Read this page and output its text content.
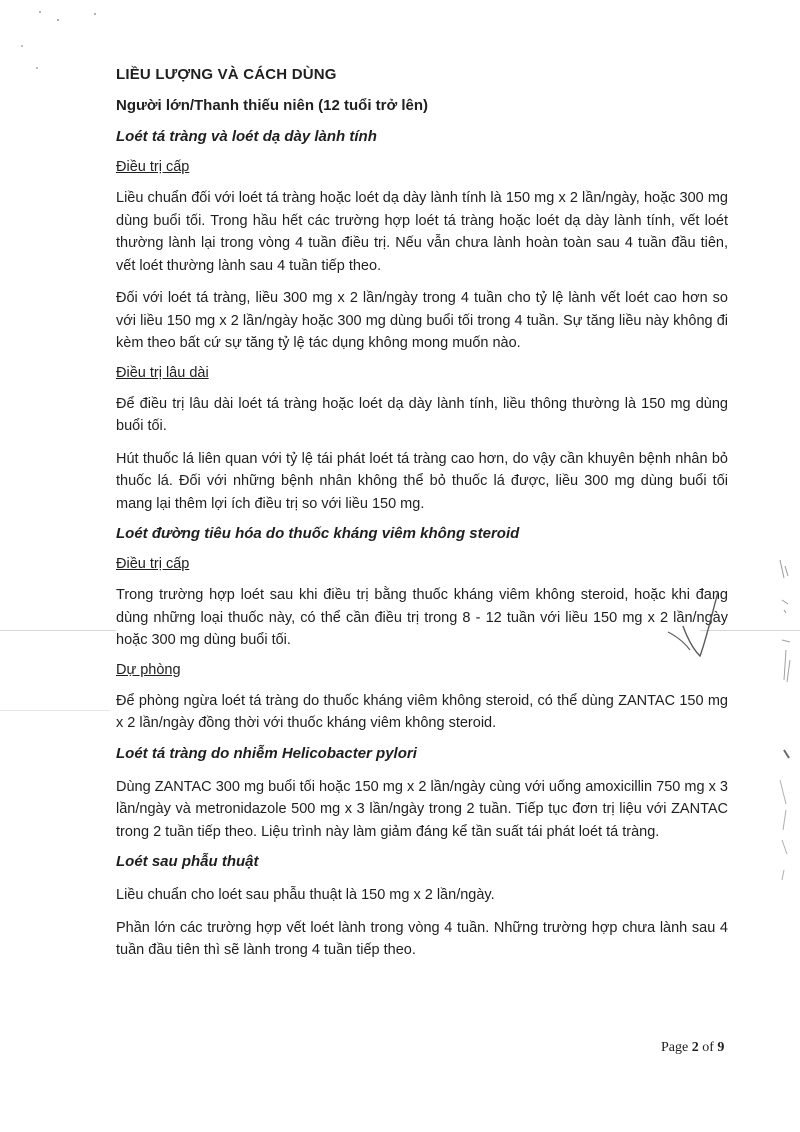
LIỀU LƯỢNG VÀ CÁCH DÙNG
Người lớn/Thanh thiếu niên (12 tuổi trở lên)
Loét tá tràng và loét dạ dày lành tính
Điều trị cấp

Liều chuẩn đối với loét tá tràng hoặc loét dạ dày lành tính là 150 mg x 2 lần/ngày, hoặc 300 mg dùng buổi tối. Trong hầu hết các trường hợp loét tá tràng hoặc loét dạ dày lành tính, vết loét thường lành lại trong vòng 4 tuần điều trị. Nếu vẫn chưa lành hoàn toàn sau 4 tuần đầu tiên, vết loét thường lành sau 4 tuần tiếp theo.

Đối với loét tá tràng, liều 300 mg x 2 lần/ngày trong 4 tuần cho tỷ lệ lành vết loét cao hơn so với liều 150 mg x 2 lần/ngày hoặc 300 mg dùng buổi tối trong 4 tuần. Sự tăng liều này không đi kèm theo bất cứ sự tăng tỷ lệ tác dụng không mong muốn nào.

Điều trị lâu dài

Để điều trị lâu dài loét tá tràng hoặc loét dạ dày lành tính, liều thông thường là 150 mg dùng buổi tối.

Hút thuốc lá liên quan với tỷ lệ tái phát loét tá tràng cao hơn, do vậy cần khuyên bệnh nhân bỏ thuốc lá. Đối với những bệnh nhân không thể bỏ thuốc lá được, liều 300 mg dùng buổi tối mang lại thêm lợi ích điều trị so với liều 150 mg.

Loét đường tiêu hóa do thuốc kháng viêm không steroid
Điều trị cấp

Trong trường hợp loét sau khi điều trị bằng thuốc kháng viêm không steroid, hoặc khi đang dùng những loại thuốc này, có thể cần điều trị trong 8 - 12 tuần với liều 150 mg x 2 lần/ngày hoặc 300 mg dùng buổi tối.

Dự phòng

Để phòng ngừa loét tá tràng do thuốc kháng viêm không steroid, có thể dùng ZANTAC 150 mg x 2 lần/ngày đồng thời với thuốc kháng viêm không steroid.

Loét tá tràng do nhiễm Helicobacter pylori

Dùng ZANTAC 300 mg buổi tối hoặc 150 mg x 2 lần/ngày cùng với uống amoxicillin 750 mg x 3 lần/ngày và metronidazole 500 mg x 3 lần/ngày trong 2 tuần. Tiếp tục đơn trị liệu với ZANTAC trong 2 tuần tiếp theo. Liệu trình này làm giảm đáng kể tần suất tái phát loét tá tràng.

Loét sau phẫu thuật

Liều chuẩn cho loét sau phẫu thuật là 150 mg x 2 lần/ngày.

Phần lớn các trường hợp vết loét lành trong vòng 4 tuần. Những trường hợp chưa lành sau 4 tuần đầu tiên thì sẽ lành trong 4 tuần tiếp theo.

Page 2 of 9
